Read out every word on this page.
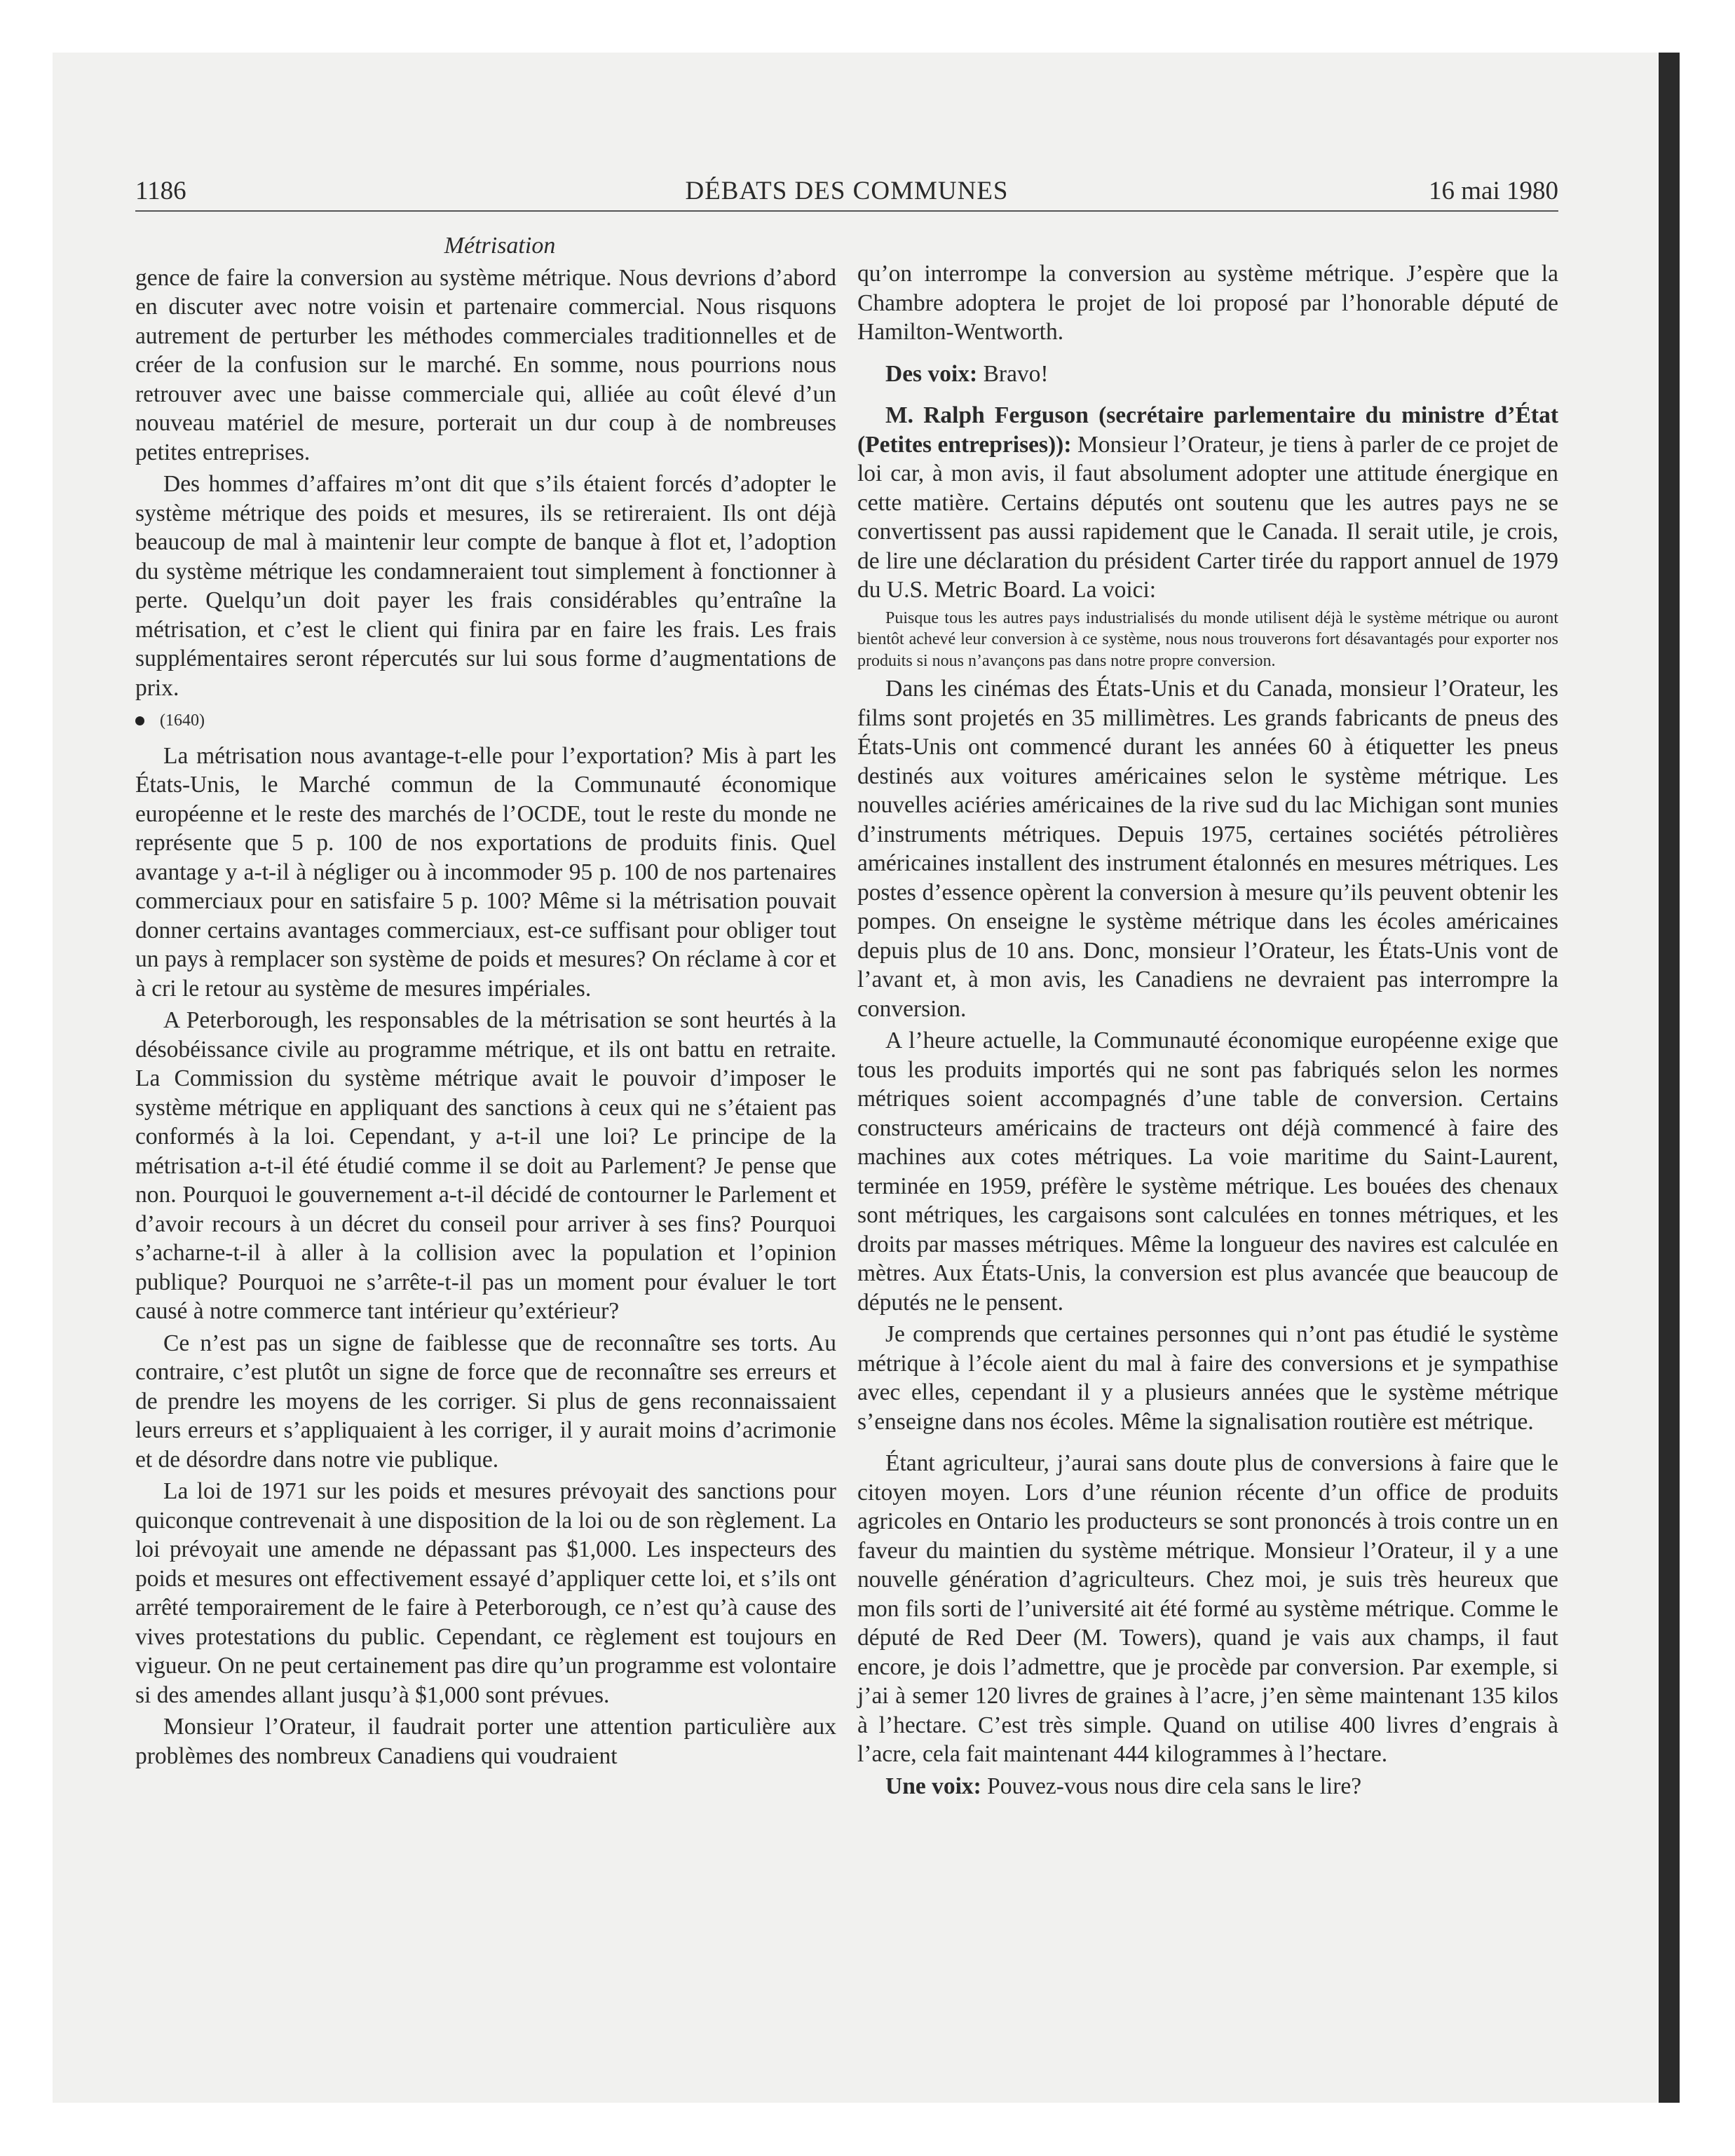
1186	DÉBATS DES COMMUNES	16 mai 1980

Métrisation

gence de faire la conversion au système métrique. Nous devrions d’abord en discuter avec notre voisin et partenaire commercial. Nous risquons autrement de perturber les méthodes commerciales traditionnelles et de créer de la confusion sur le marché. En somme, nous pourrions nous retrouver avec une baisse commerciale qui, alliée au coût élevé d’un nouveau matériel de mesure, porterait un dur coup à de nombreuses petites entreprises.

Des hommes d’affaires m’ont dit que s’ils étaient forcés d’adopter le système métrique des poids et mesures, ils se retireraient. Ils ont déjà beaucoup de mal à maintenir leur compte de banque à flot et, l’adoption du système métrique les condamneraient tout simplement à fonctionner à perte. Quelqu’un doit payer les frais considérables qu’entraîne la métrisation, et c’est le client qui finira par en faire les frais. Les frais supplémentaires seront répercutés sur lui sous forme d’augmentations de prix.

(1640)

La métrisation nous avantage-t-elle pour l’exportation? Mis à part les États-Unis, le Marché commun de la Communauté économique européenne et le reste des marchés de l’OCDE, tout le reste du monde ne représente que 5 p. 100 de nos exportations de produits finis. Quel avantage y a-t-il à négliger ou à incommoder 95 p. 100 de nos partenaires commerciaux pour en satisfaire 5 p. 100? Même si la métrisation pouvait donner certains avantages commerciaux, est-ce suffisant pour obliger tout un pays à remplacer son système de poids et mesures? On réclame à cor et à cri le retour au système de mesures impériales.

A Peterborough, les responsables de la métrisation se sont heurtés à la désobéissance civile au programme métrique, et ils ont battu en retraite. La Commission du système métrique avait le pouvoir d’imposer le système métrique en appliquant des sanctions à ceux qui ne s’étaient pas conformés à la loi. Cependant, y a-t-il une loi? Le principe de la métrisation a-t-il été étudié comme il se doit au Parlement? Je pense que non. Pourquoi le gouvernement a-t-il décidé de contourner le Parlement et d’avoir recours à un décret du conseil pour arriver à ses fins? Pourquoi s’acharne-t-il à aller à la collision avec la population et l’opinion publique? Pourquoi ne s’arrête-t-il pas un moment pour évaluer le tort causé à notre commerce tant intérieur qu’extérieur?

Ce n’est pas un signe de faiblesse que de reconnaître ses torts. Au contraire, c’est plutôt un signe de force que de reconnaître ses erreurs et de prendre les moyens de les corriger. Si plus de gens reconnaissaient leurs erreurs et s’appliquaient à les corriger, il y aurait moins d’acrimonie et de désordre dans notre vie publique.

La loi de 1971 sur les poids et mesures prévoyait des sanctions pour quiconque contrevenait à une disposition de la loi ou de son règlement. La loi prévoyait une amende ne dépassant pas $1,000. Les inspecteurs des poids et mesures ont effectivement essayé d’appliquer cette loi, et s’ils ont arrêté temporairement de le faire à Peterborough, ce n’est qu’à cause des vives protestations du public. Cependant, ce règlement est toujours en vigueur. On ne peut certainement pas dire qu’un programme est volontaire si des amendes allant jusqu’à $1,000 sont prévues.

Monsieur l’Orateur, il faudrait porter une attention particulière aux problèmes des nombreux Canadiens qui voudraient

qu’on interrompe la conversion au système métrique. J’espère que la Chambre adoptera le projet de loi proposé par l’honorable député de Hamilton-Wentworth.

Des voix: Bravo!

M. Ralph Ferguson (secrétaire parlementaire du ministre d’État (Petites entreprises)): Monsieur l’Orateur, je tiens à parler de ce projet de loi car, à mon avis, il faut absolument adopter une attitude énergique en cette matière. Certains députés ont soutenu que les autres pays ne se convertissent pas aussi rapidement que le Canada. Il serait utile, je crois, de lire une déclaration du président Carter tirée du rapport annuel de 1979 du U.S. Metric Board. La voici:

Puisque tous les autres pays industrialisés du monde utilisent déjà le système métrique ou auront bientôt achevé leur conversion à ce système, nous nous trouverons fort désavantagés pour exporter nos produits si nous n’avançons pas dans notre propre conversion.

Dans les cinémas des États-Unis et du Canada, monsieur l’Orateur, les films sont projetés en 35 millimètres. Les grands fabricants de pneus des États-Unis ont commencé durant les années 60 à étiquetter les pneus destinés aux voitures américaines selon le système métrique. Les nouvelles aciéries américaines de la rive sud du lac Michigan sont munies d’instruments métriques. Depuis 1975, certaines sociétés pétrolières américaines installent des instrument étalonnés en mesures métriques. Les postes d’essence opèrent la conversion à mesure qu’ils peuvent obtenir les pompes. On enseigne le système métrique dans les écoles américaines depuis plus de 10 ans. Donc, monsieur l’Orateur, les États-Unis vont de l’avant et, à mon avis, les Canadiens ne devraient pas interrompre la conversion.

A l’heure actuelle, la Communauté économique européenne exige que tous les produits importés qui ne sont pas fabriqués selon les normes métriques soient accompagnés d’une table de conversion. Certains constructeurs américains de tracteurs ont déjà commencé à faire des machines aux cotes métriques. La voie maritime du Saint-Laurent, terminée en 1959, préfère le système métrique. Les bouées des chenaux sont métriques, les cargaisons sont calculées en tonnes métriques, et les droits par masses métriques. Même la longueur des navires est calculée en mètres. Aux États-Unis, la conversion est plus avancée que beaucoup de députés ne le pensent.

Je comprends que certaines personnes qui n’ont pas étudié le système métrique à l’école aient du mal à faire des conversions et je sympathise avec elles, cependant il y a plusieurs années que le système métrique s’enseigne dans nos écoles. Même la signalisation routière est métrique.

Étant agriculteur, j’aurai sans doute plus de conversions à faire que le citoyen moyen. Lors d’une réunion récente d’un office de produits agricoles en Ontario les producteurs se sont prononcés à trois contre un en faveur du maintien du système métrique. Monsieur l’Orateur, il y a une nouvelle génération d’agriculteurs. Chez moi, je suis très heureux que mon fils sorti de l’université ait été formé au système métrique. Comme le député de Red Deer (M. Towers), quand je vais aux champs, il faut encore, je dois l’admettre, que je procède par conversion. Par exemple, si j’ai à semer 120 livres de graines à l’acre, j’en sème maintenant 135 kilos à l’hectare. C’est très simple. Quand on utilise 400 livres d’engrais à l’acre, cela fait maintenant 444 kilogrammes à l’hectare.

Une voix: Pouvez-vous nous dire cela sans le lire?
